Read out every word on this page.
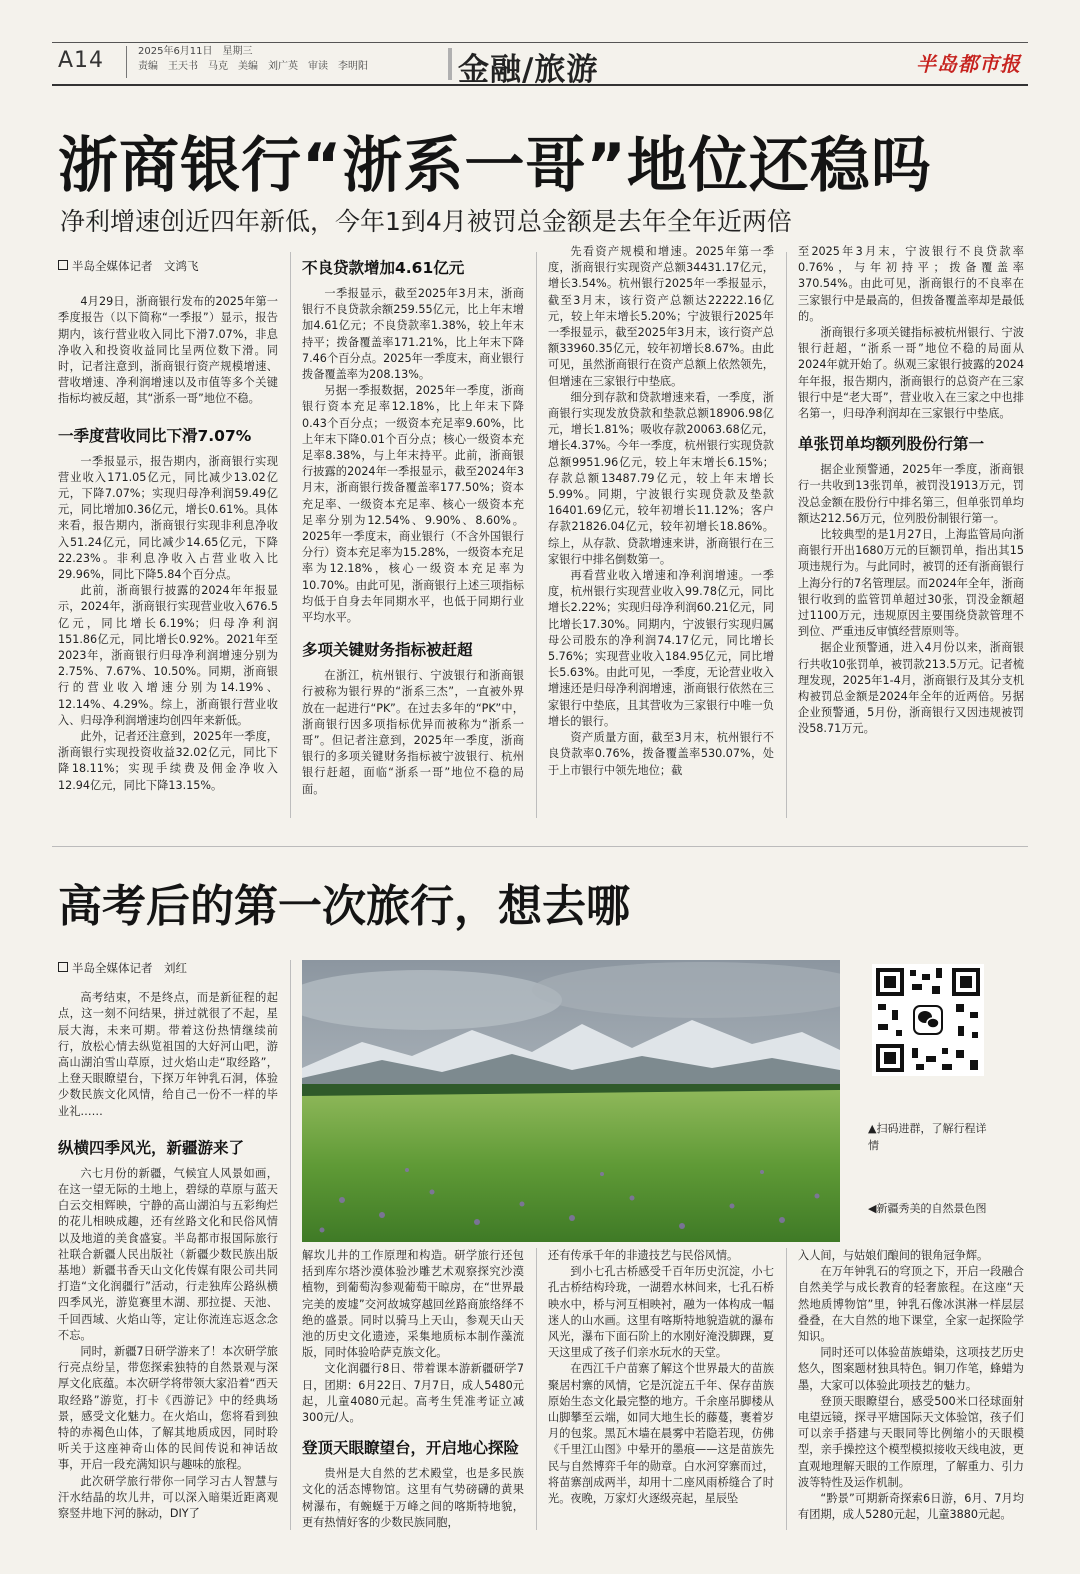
A14	2025年6月11日 星期三
责编 王天书 马克 美编 刘广英 审读 李明阳	金融/旅游	半岛都市报
浙商银行“浙系一哥”地位还稳吗
净利增速创近四年新低，今年1到4月被罚总金额是去年全年近两倍
半岛全媒体记者　文鸿飞

4月29日，浙商银行发布的2025年第一季度报告（以下简称“一季报”）显示，报告期内，该行营业收入同比下滑7.07%，非息净收入和投资收益同比呈两位数下滑。同时，记者注意到，浙商银行资产规模增速、营收增速、净利润增速以及市值等多个关键指标均被反超，其“浙系一哥”地位不稳。

一季度营收同比下滑7.07%

一季报显示，报告期内，浙商银行实现营业收入171.05亿元，同比减少13.02亿元，下降7.07%；实现归母净利润59.49亿元，同比增加0.36亿元，增长0.61%。具体来看，报告期内，浙商银行实现非利息净收入51.24亿元，同比减少14.65亿元，下降22.23%。非利息净收入占营业收入比29.96%，同比下降5.84个百分点。

此前，浙商银行披露的2024年年报显示，2024年，浙商银行实现营业收入676.5亿元，同比增长6.19%；归母净利润151.86亿元，同比增长0.92%。2021年至2023年，浙商银行归母净利润增速分别为2.75%、7.67%、10.50%。同期，浙商银行的营业收入增速分别为14.19%、12.14%、4.29%。综上，浙商银行营业收入、归母净利润增速均创四年来新低。

此外，记者还注意到，2025年一季度，浙商银行实现投资收益32.02亿元，同比下降18.11%；实现手续费及佣金净收入12.94亿元，同比下降13.15%。

不良贷款增加4.61亿元

一季报显示，截至2025年3月末，浙商银行不良贷款余额259.55亿元，比上年末增加4.61亿元；不良贷款率1.38%，较上年末持平；拨备覆盖率171.21%，比上年末下降7.46个百分点。2025年一季度末，商业银行拨备覆盖率为208.13%。

另据一季报数据，2025年一季度，浙商银行资本充足率12.18%，比上年末下降0.43个百分点；一级资本充足率9.60%，比上年末下降0.01个百分点；核心一级资本充足率8.38%，与上年末持平。此前，浙商银行披露的2024年一季报显示，截至2024年3月末，浙商银行拨备覆盖率177.50%；资本充足率、一级资本充足率、核心一级资本充足率分别为12.54%、9.90%、8.60%。2025年一季度末，商业银行（不含外国银行分行）资本充足率为15.28%，一级资本充足率为12.18%，核心一级资本充足率为10.70%。由此可见，浙商银行上述三项指标均低于自身去年同期水平，也低于同期行业平均水平。

多项关键财务指标被赶超

在浙江，杭州银行、宁波银行和浙商银行被称为银行界的“浙系三杰”，一直被外界放在一起进行“PK”。在过去多年的“PK”中，浙商银行因多项指标优异而被称为“浙系一哥”。但记者注意到，2025年一季度，浙商银行的多项关键财务指标被宁波银行、杭州银行赶超，面临“浙系一哥”地位不稳的局面。

先看资产规模和增速。2025年第一季度，浙商银行实现资产总额34431.17亿元，增长3.54%。杭州银行2025年一季报显示，截至3月末，该行资产总额达22222.16亿元，较上年末增长5.20%；宁波银行2025年一季报显示，截至2025年3月末，该行资产总额33960.35亿元，较年初增长8.67%。由此可见，虽然浙商银行在资产总额上依然领先，但增速在三家银行中垫底。

细分到存款和贷款增速来看，一季度，浙商银行实现发放贷款和垫款总额18906.98亿元，增长1.81%；吸收存款20063.68亿元，增长4.37%。今年一季度，杭州银行实现贷款总额9951.96亿元，较上年末增长6.15%；存款总额13487.79亿元，较上年末增长5.99%。同期，宁波银行实现贷款及垫款16401.69亿元，较年初增长11.12%；客户存款21826.04亿元，较年初增长18.86%。综上，从存款、贷款增速来讲，浙商银行在三家银行中排名倒数第一。

再看营业收入增速和净利润增速。一季度，杭州银行实现营业收入99.78亿元，同比增长2.22%；实现归母净利润60.21亿元，同比增长17.30%。同期内，宁波银行实现归属母公司股东的净利润74.17亿元，同比增长5.76%；实现营业收入184.95亿元，同比增长5.63%。由此可见，一季度，无论营业收入增速还是归母净利润增速，浙商银行依然在三家银行中垫底，且其营收为三家银行中唯一负增长的银行。

资产质量方面，截至3月末，杭州银行不良贷款率0.76%，拨备覆盖率530.07%，处于上市银行中领先地位；截

至2025年3月末，宁波银行不良贷款率0.76%，与年初持平；拨备覆盖率370.54%。由此可见，浙商银行的不良率在三家银行中是最高的，但拨备覆盖率却是最低的。

浙商银行多项关键指标被杭州银行、宁波银行赶超，“浙系一哥”地位不稳的局面从2024年就开始了。纵观三家银行披露的2024年年报，报告期内，浙商银行的总资产在三家银行中是“老大哥”，营业收入在三家之中也排名第一，归母净利润却在三家银行中垫底。

单张罚单均额列股份行第一

据企业预警通，2025年一季度，浙商银行一共收到13张罚单，被罚没1913万元，罚没总金额在股份行中排名第三，但单张罚单均额达212.56万元，位列股份制银行第一。

比较典型的是1月27日，上海监管局向浙商银行开出1680万元的巨额罚单，指出其15项违规行为。与此同时，被罚的还有浙商银行上海分行的7名管理层。而2024年全年，浙商银行收到的监管罚单超过30张，罚没金额超过1100万元，违规原因主要围绕贷款管理不到位、严重违反审慎经营原则等。

据企业预警通，进入4月份以来，浙商银行共收10张罚单，被罚款213.5万元。记者梳理发现，2025年1-4月，浙商银行及其分支机构被罚总金额是2024年全年的近两倍。另据企业预警通，5月份，浙商银行又因违规被罚没58.71万元。

高考后的第一次旅行，想去哪
半岛全媒体记者　刘红

高考结束，不是终点，而是新征程的起点，这一刻不问结果，拼过就很了不起，星辰大海，未来可期。带着这份热情继续前行，放松心情去纵览祖国的大好河山吧，游高山湖泊雪山草原，过火焰山走“取经路”，上登天眼瞭望台，下探万年钟乳石洞，体验少数民族文化风情，给自己一份不一样的毕业礼……

纵横四季风光，新疆游来了

六七月份的新疆，气候宜人风景如画，在这一望无际的土地上，碧绿的草原与蓝天白云交相辉映，宁静的高山湖泊与五彩绚烂的花儿相映成趣，还有丝路文化和民俗风情以及地道的美食盛宴。半岛都市报国际旅行社联合新疆人民出版社（新疆少数民族出版基地）新疆书香天山文化传媒有限公司共同打造“文化润疆行”活动，行走独库公路纵横四季风光，游览赛里木湖、那拉提、天池、千回西域、火焰山等，定让你流连忘返念念不忘。

同时，新疆7日研学游来了！本次研学旅行亮点纷呈，带您探索独特的自然景观与深厚文化底蕴。本次研学将带领大家沿着“西天取经路”游览，打卡《西游记》中的经典场景，感受文化魅力。在火焰山，您将看到独特的赤褐色山体，了解其地质成因，同时聆听关于这座神奇山体的民间传说和神话故事，开启一段充满知识与趣味的旅程。

此次研学旅行带你一同学习古人智慧与汗水结晶的坎儿井，可以深入暗渠近距离观察竖井地下河的脉动，DIY了

▲扫码进群，了解行程详情
◀新疆秀美的自然景色图

解坎儿井的工作原理和构造。研学旅行还包括到库尔塔沙漠体验沙雕艺术观察探究沙漠植物，到葡萄沟参观葡萄干晾房，在“世界最完美的废墟”交河故城穿越回丝路商旅络绎不绝的盛景。同时以骑马上天山，参观天山天池的历史文化遗迹，采集地质标本制作藻流版，同时体验哈萨克族文化。

文化润疆行8日、带着课本游新疆研学7日，团期：6月22日、7月7日，成人5480元起，儿童4080元起。高考生凭准考证立减300元/人。

登顶天眼瞭望台，开启地心探险

贵州是大自然的艺术殿堂，也是多民族文化的活态博物馆。这里有气势磅礴的黄果树瀑布，有蜿蜒于万峰之间的喀斯特地貌，更有热情好客的少数民族同胞，

还有传承千年的非遗技艺与民俗风情。

到小七孔古桥感受千百年历史沉淀，小七孔古桥结构玲珑，一湖碧水林间来，七孔石桥映水中，桥与河互相映衬，融为一体构成一幅迷人的山水画。这里有喀斯特地貌造就的瀑布风光，瀑布下面石阶上的水刚好淹没脚踝，夏天这里成了孩子们亲水玩水的天堂。

在西江千户苗寨了解这个世界最大的苗族聚居村寨的风情，它是沉淀五千年、保存苗族原始生态文化最完整的地方。千余座吊脚楼从山脚攀至云端，如同大地生长的藤蔓，裹着岁月的包浆。黑瓦木墙在晨雾中若隐若现，仿佛《千里江山图》中晕开的墨痕——这是苗族先民与自然博弈千年的勋章。白水河穿寨而过，将苗寨剖成两半，却用十二座风雨桥缝合了时光。夜晚，万家灯火逐级亮起，星辰坠

入人间，与姑娘们酿间的银角冠争辉。

在万年钟乳石的穹顶之下，开启一段融合自然美学与成长教育的轻奢旅程。在这座“天然地质博物馆”里，钟乳石像冰淇淋一样层层叠叠，在大自然的地下课堂，全家一起探险学知识。

同时还可以体验苗族蜡染，这项技艺历史悠久，图案题材独具特色。铜刀作笔，蜂蜡为墨，大家可以体验此项技艺的魅力。

登顶天眼瞭望台，感受500米口径球面射电望远镜，探寻平塘国际天文体验馆，孩子们可以亲手搭建与天眼同等比例缩小的天眼模型，亲手操控这个模型模拟接收天线电波，更直观地理解天眼的工作原理，了解重力、引力波等特性及运作机制。

“黔景”可期新奇探索6日游，6月、7月均有团期，成人5280元起，儿童3880元起。
